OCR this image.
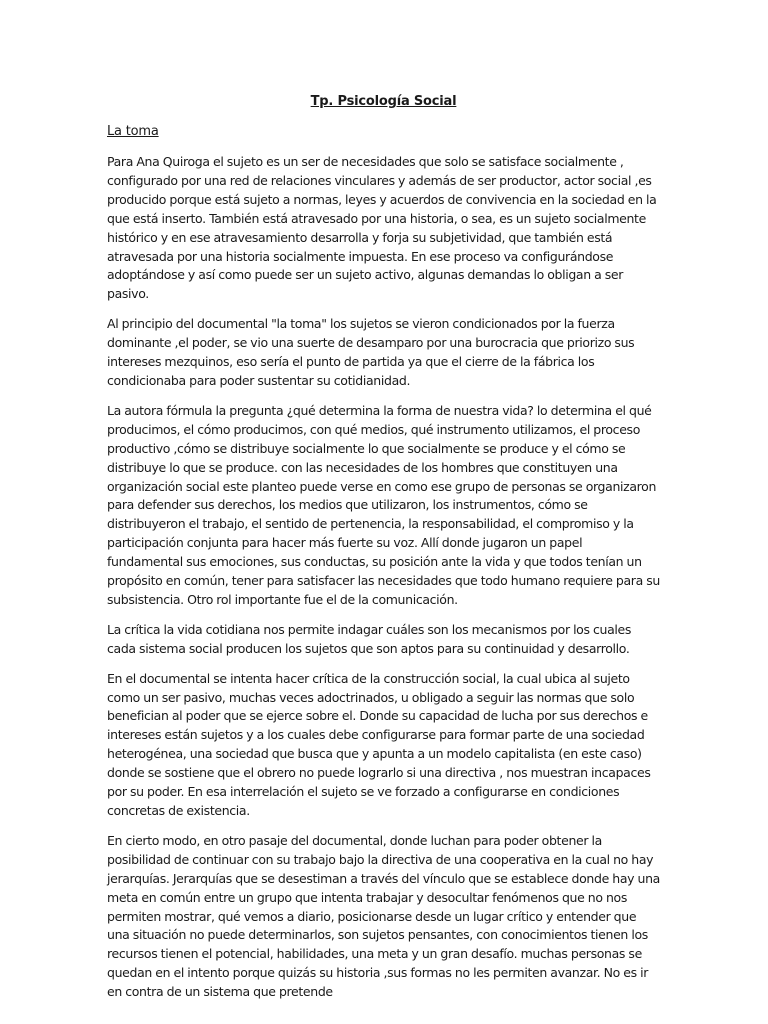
Tp. Psicología Social
La toma

Para Ana Quiroga el sujeto es un ser de necesidades que solo se satisface socialmente , configurado por una red de relaciones vinculares y además de ser productor, actor social ,es producido porque está sujeto a normas, leyes y acuerdos de convivencia en la sociedad en la que está inserto. También está atravesado por una historia, o sea, es un sujeto socialmente histórico y en ese atravesamiento desarrolla y forja su subjetividad, que también está atravesada por una historia socialmente impuesta. En ese proceso va configurándose adoptándose y así como puede ser un sujeto activo, algunas demandas lo obligan a ser pasivo.

Al principio del documental "la toma" los sujetos se vieron condicionados por la fuerza dominante ,el poder, se vio una suerte de desamparo por una burocracia que priorizo sus intereses mezquinos, eso sería el punto de partida ya que el cierre de la fábrica los condicionaba para poder sustentar su cotidianidad.

La autora fórmula la pregunta ¿qué determina la forma de nuestra vida? lo determina el qué producimos, el cómo producimos, con qué medios, qué instrumento utilizamos, el proceso productivo ,cómo se distribuye socialmente lo que socialmente se produce y el cómo se distribuye lo que se produce. con las necesidades de los hombres que constituyen una organización social este planteo puede verse en como ese grupo de personas se organizaron para defender sus derechos, los medios que utilizaron, los instrumentos, cómo se distribuyeron el trabajo, el sentido de pertenencia, la responsabilidad, el compromiso y la participación conjunta para hacer más fuerte su voz. Allí donde jugaron un papel fundamental sus emociones, sus conductas, su posición ante la vida y que todos tenían un propósito en común, tener para satisfacer las necesidades que todo humano requiere para su subsistencia. Otro rol importante fue el de la comunicación.

La crítica la vida cotidiana nos permite indagar cuáles son los mecanismos por los cuales cada sistema social producen los sujetos que son aptos para su continuidad y desarrollo.

En el documental se intenta hacer crítica de la construcción social, la cual ubica al sujeto como un ser pasivo, muchas veces adoctrinados, u obligado a seguir las normas que solo benefician al poder que se ejerce sobre el. Donde su capacidad de lucha por sus derechos e intereses están sujetos y a los cuales debe configurarse para formar parte de una sociedad heterogénea, una sociedad que busca que y apunta a un modelo capitalista (en este caso) donde se sostiene que el obrero no puede lograrlo si una directiva , nos muestran incapaces por su poder. En esa interrelación el sujeto se ve forzado a configurarse en condiciones concretas de existencia.

En cierto modo, en otro pasaje del documental, donde luchan para poder obtener la posibilidad de continuar con su trabajo bajo la directiva de una cooperativa en la cual no hay jerarquías. Jerarquías que se desestiman a través del vínculo que se establece donde hay una meta en común entre un grupo que intenta trabajar y desocultar fenómenos que no nos permiten mostrar, qué vemos a diario, posicionarse desde un lugar crítico y entender que una situación no puede determinarlos, son sujetos pensantes, con conocimientos tienen los recursos tienen el potencial, habilidades, una meta y un gran desafío. muchas personas se quedan en el intento porque quizás su historia ,sus formas no les permiten avanzar. No es ir en contra de un sistema que pretende
